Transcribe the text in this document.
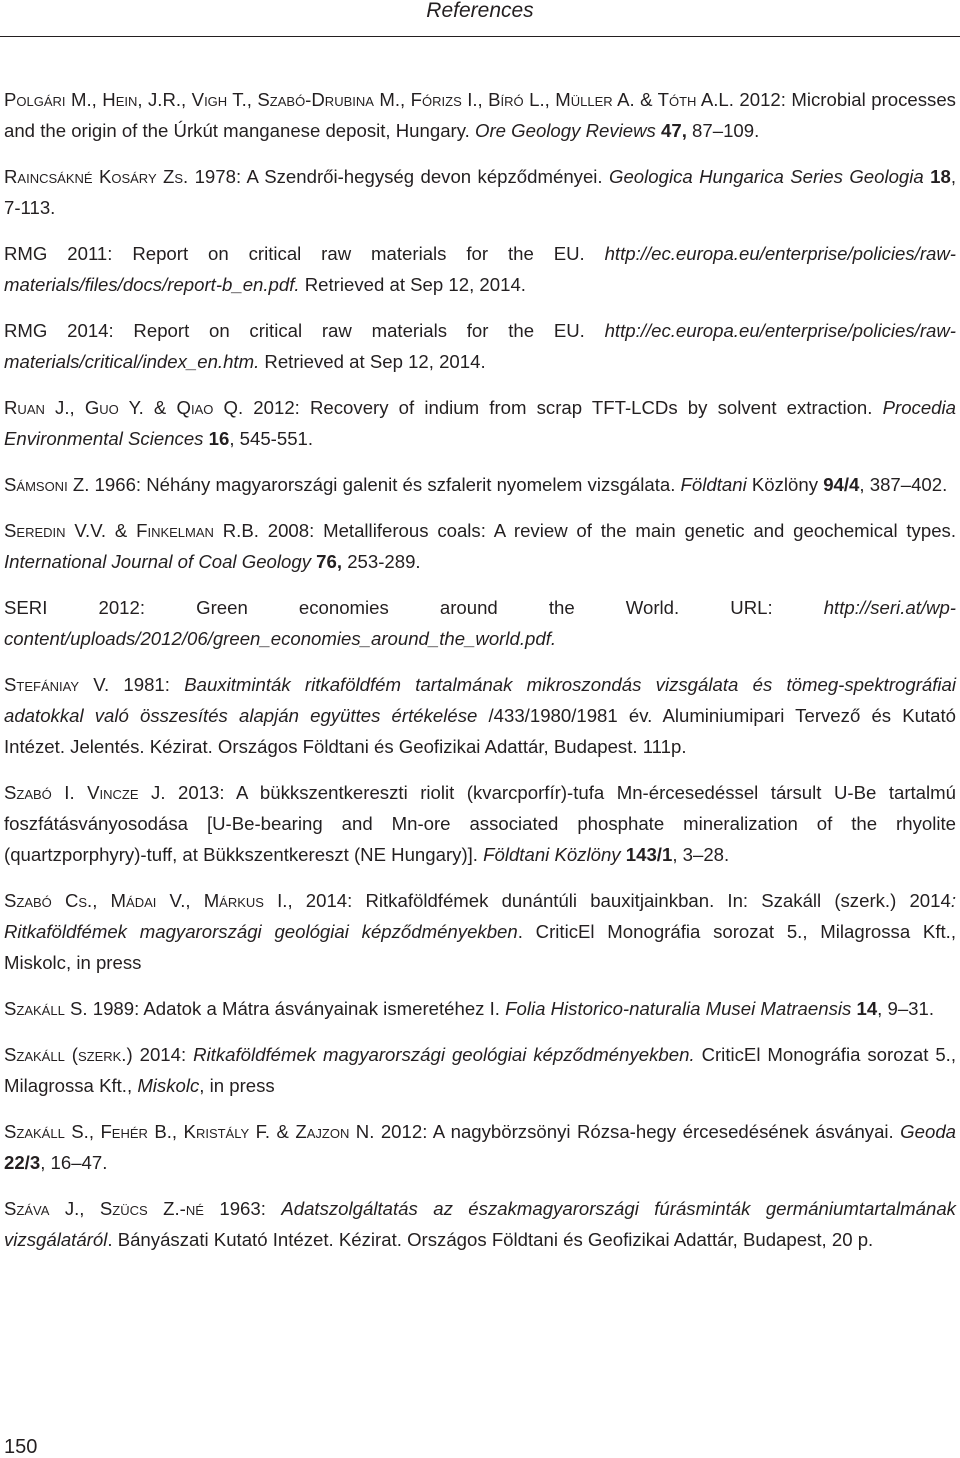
References

Polgári M., Hein, J.R., Vigh T., Szabó-Drubina M., Fórizs I., Bíró L., Müller A. & Tóth A.L. 2012: Microbial processes and the origin of the Úrkút manganese deposit, Hungary. Ore Geology Reviews 47, 87–109.

Raincsákné Kosáry Zs. 1978: A Szendrői-hegység devon képződményei. Geologica Hungarica Series Geologia 18, 7-113.

RMG 2011: Report on critical raw materials for the EU. http://ec.europa.eu/enterprise/policies/raw-materials/files/docs/report-b_en.pdf. Retrieved at Sep 12, 2014.

RMG 2014: Report on critical raw materials for the EU. http://ec.europa.eu/enterprise/policies/raw-materials/critical/index_en.htm. Retrieved at Sep 12, 2014.

Ruan J., Guo Y. & Qiao Q. 2012: Recovery of indium from scrap TFT-LCDs by solvent extraction. Procedia Environmental Sciences 16, 545-551.

Sámsoni Z. 1966: Néhány magyarországi galenit és szfalerit nyomelem vizsgálata. Földtani Közlöny 94/4, 387–402.

Seredin V.V. & Finkelman R.B. 2008: Metalliferous coals: A review of the main genetic and geochemical types. International Journal of Coal Geology 76, 253-289.

SERI 2012: Green economies around the World. URL: http://seri.at/wp-content/uploads/2012/06/green_economies_around_the_world.pdf.

Stefániay V. 1981: Bauxitminták ritkaföldfém tartalmának mikroszondás vizsgálata és tömeg-spektrográfiai adatokkal való összesítés alapján együttes értékelése /433/1980/1981 év. Aluminiumipari Tervező és Kutató Intézet. Jelentés. Kézirat. Országos Földtani és Geofizikai Adattár, Budapest. 111p.

Szabó I. Vincze J. 2013: A bükkszentkereszti riolit (kvarcporfír)-tufa Mn-ércesedéssel társult U-Be tartalmú foszfátásványosodása [U-Be-bearing and Mn-ore associated phosphate mineralization of the rhyolite (quartzporphyry)-tuff, at Bükkszentkereszt (NE Hungary)]. Földtani Közlöny 143/1, 3–28.

Szabó Cs., Mádai V., Márkus I., 2014: Ritkaföldfémek dunántúli bauxitjainkban. In: Szakáll (szerk.) 2014: Ritkaföldfémek magyarországi geológiai képződményekben. CriticEl Monográfia sorozat 5., Milagrossa Kft., Miskolc, in press

Szakáll S. 1989: Adatok a Mátra ásványainak ismeretéhez I. Folia Historico-naturalia Musei Matraensis 14, 9–31.

Szakáll (szerk.) 2014: Ritkaföldfémek magyarországi geológiai képződményekben. CriticEl Monográfia sorozat 5., Milagrossa Kft., Miskolc, in press

Szakáll S., Fehér B., Kristály F. & Zajzon N. 2012: A nagybörzsönyi Rózsa-hegy ércesedésének ásványai. Geoda 22/3, 16–47.

Száva J., Szücs Z.-né 1963: Adatszolgáltatás az északmagyarországi fúrásminták germániumtartalmának vizsgálatáról. Bányászati Kutató Intézet. Kézirat. Országos Földtani és Geofizikai Adattár, Budapest, 20 p.

150
